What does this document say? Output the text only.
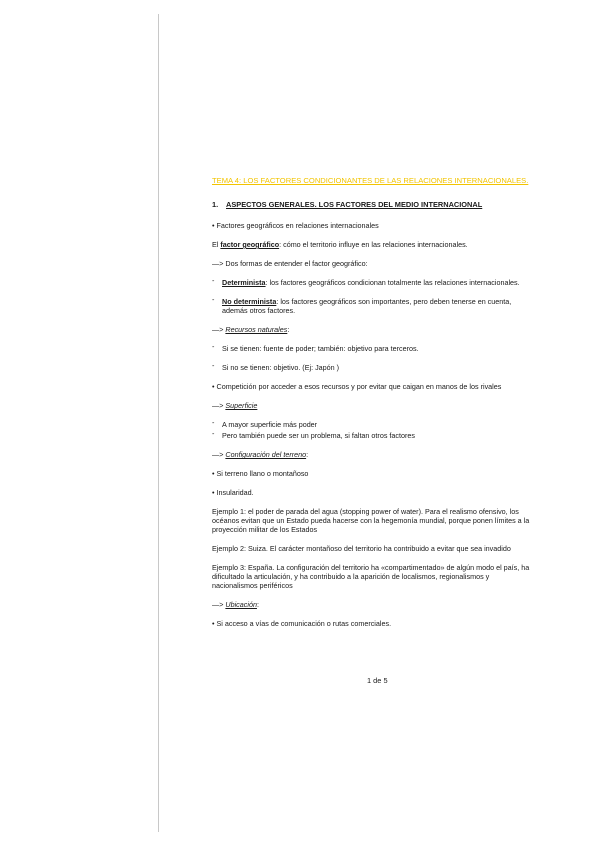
TEMA 4: LOS FACTORES CONDICIONANTES DE LAS RELACIONES INTERNACIONALES.
1. ASPECTOS GENERALES. LOS FACTORES DEL MEDIO INTERNACIONAL

• Factores geográficos en relaciones internacionales

El factor geográfico: cómo el territorio influye en las relaciones internacionales.

—> Dos formas de entender el factor geográfico:

- Determinista: los factores geográficos condicionan totalmente las relaciones internacionales.
- No determinista: los factores geográficos son importantes, pero deben tenerse en cuenta, además otros factores.

—> Recursos naturales:

- Si se tienen: fuente de poder; también: objetivo para terceros.
- Si no se tienen: objetivo. (Ej: Japón )

• Competición por acceder a esos recursos y por evitar que caigan en manos de los rivales

—> Superficie

- A mayor superficie más poder
- Pero también puede ser un problema, si faltan otros factores

—> Configuración del terreno:

• Si terreno llano o montañoso

• Insularidad.

Ejemplo 1: el poder de parada del agua (stopping power of water). Para el realismo ofensivo, los océanos evitan que un Estado pueda hacerse con la hegemonía mundial, porque ponen límites a la proyección militar de los Estados

Ejemplo 2: Suiza. El carácter montañoso del territorio ha contribuido a evitar que sea invadido

Ejemplo 3: España. La configuración del territorio ha «compartimentado» de algún modo el país, ha dificultado la articulación, y ha contribuido a la aparición de localismos, regionalismos y nacionalismos periféricos

—> Ubicación:

• Si acceso a vías de comunicación o rutas comerciales.

1 de 5
